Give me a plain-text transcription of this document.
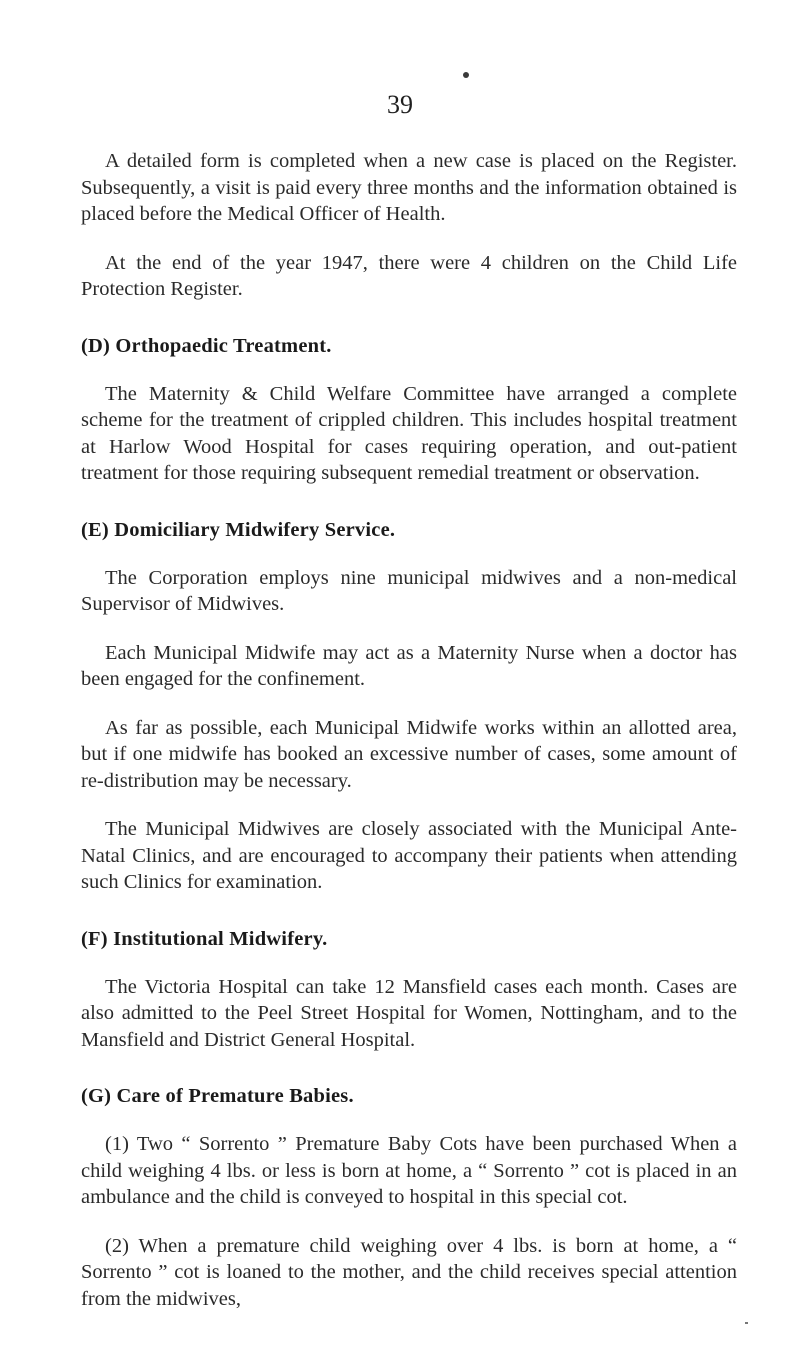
39

A detailed form is completed when a new case is placed on the Register. Subsequently, a visit is paid every three months and the information obtained is placed before the Medical Officer of Health.

At the end of the year 1947, there were 4 children on the Child Life Protection Register.

(D) Orthopaedic Treatment.

The Maternity & Child Welfare Committee have arranged a complete scheme for the treatment of crippled children. This includes hospital treatment at Harlow Wood Hospital for cases requiring operation, and out-patient treatment for those requiring subsequent remedial treatment or observation.

(E) Domiciliary Midwifery Service.

The Corporation employs nine municipal midwives and a non-medical Supervisor of Midwives.

Each Municipal Midwife may act as a Maternity Nurse when a doctor has been engaged for the confinement.

As far as possible, each Municipal Midwife works within an allotted area, but if one midwife has booked an excessive number of cases, some amount of re-distribution may be necessary.

The Municipal Midwives are closely associated with the Municipal Ante-Natal Clinics, and are encouraged to accompany their patients when attending such Clinics for examination.

(F) Institutional Midwifery.

The Victoria Hospital can take 12 Mansfield cases each month. Cases are also admitted to the Peel Street Hospital for Women, Nottingham, and to the Mansfield and District General Hospital.

(G) Care of Premature Babies.

(1) Two “ Sorrento ” Premature Baby Cots have been purchased When a child weighing 4 lbs. or less is born at home, a “ Sorrento ” cot is placed in an ambulance and the child is conveyed to hospital in this special cot.

(2) When a premature child weighing over 4 lbs. is born at home, a “ Sorrento ” cot is loaned to the mother, and the child receives special attention from the midwives,
